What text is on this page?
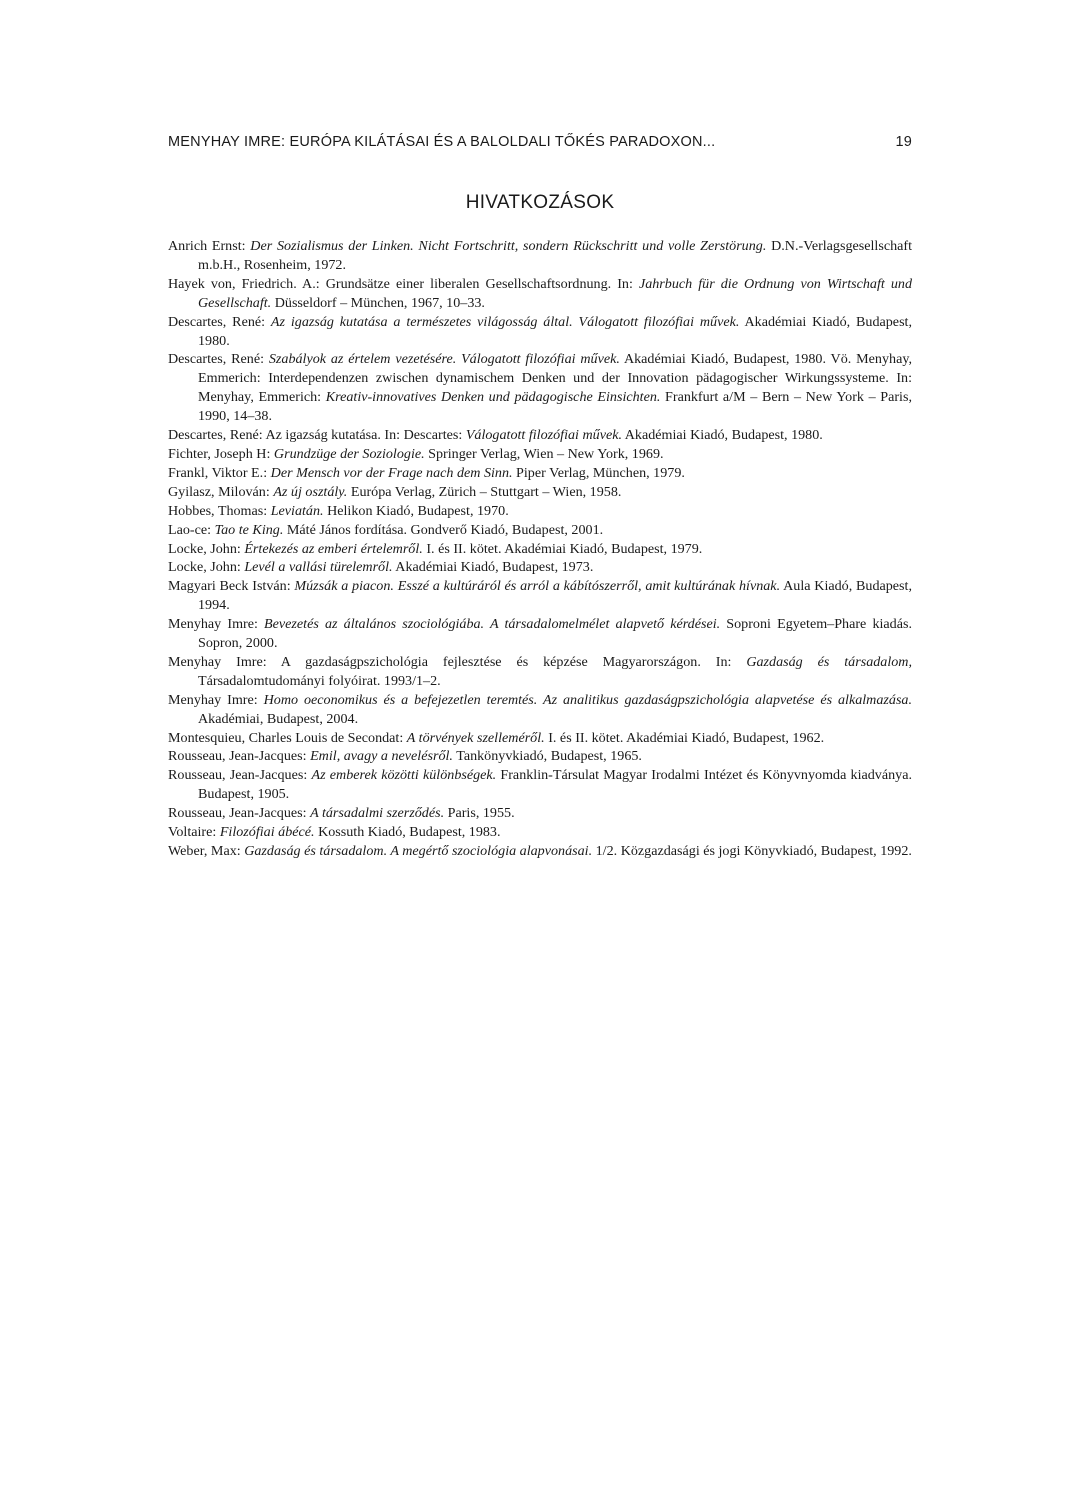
MENYHAY IMRE: EURÓPA KILÁTÁSAI ÉS A BALOLDALI TŐKÉS PARADOXON...	19
HIVATKOZÁSOK
Anrich Ernst: Der Sozialismus der Linken. Nicht Fortschritt, sondern Rückschritt und volle Zerstörung. D.N.-Verlagsgesellschaft m.b.H., Rosenheim, 1972.
Hayek von, Friedrich. A.: Grundsätze einer liberalen Gesellschaftsordnung. In: Jahrbuch für die Ordnung von Wirtschaft und Gesellschaft. Düsseldorf – München, 1967, 10–33.
Descartes, René: Az igazság kutatása a természetes világosság által. Válogatott filozófiai művek. Akadémiai Kiadó, Budapest, 1980.
Descartes, René: Szabályok az értelem vezetésére. Válogatott filozófiai művek. Akadémiai Kiadó, Budapest, 1980. Vö. Menyhay, Emmerich: Interdependenzen zwischen dynamischem Denken und der Innovation pädagogischer Wirkungssysteme. In: Menyhay, Emmerich: Kreativ-innovatives Denken und pädagogische Einsichten. Frankfurt a/M – Bern – New York – Paris, 1990, 14–38.
Descartes, René: Az igazság kutatása. In: Descartes: Válogatott filozófiai művek. Akadémiai Kiadó, Budapest, 1980.
Fichter, Joseph H: Grundzüge der Soziologie. Springer Verlag, Wien – New York, 1969.
Frankl, Viktor E.: Der Mensch vor der Frage nach dem Sinn. Piper Verlag, München, 1979.
Gyilasz, Milován: Az új osztály. Európa Verlag, Zürich – Stuttgart – Wien, 1958.
Hobbes, Thomas: Leviatán. Helikon Kiadó, Budapest, 1970.
Lao-ce: Tao te King. Máté János fordítása. Gondverő Kiadó, Budapest, 2001.
Locke, John: Értekezés az emberi értelemről. I. és II. kötet. Akadémiai Kiadó, Budapest, 1979.
Locke, John: Levél a vallási türelemről. Akadémiai Kiadó, Budapest, 1973.
Magyari Beck István: Múzsák a piacon. Esszé a kultúráról és arról a kábítószerről, amit kultúrának hívnak. Aula Kiadó, Budapest, 1994.
Menyhay Imre: Bevezetés az általános szociológiába. A társadalomelmélet alapvető kérdései. Soproni Egyetem–Phare kiadás. Sopron, 2000.
Menyhay Imre: A gazdaságpszichológia fejlesztése és képzése Magyarországon. In: Gazdaság és társadalom, Társadalomtudományi folyóirat. 1993/1–2.
Menyhay Imre: Homo oeconomikus és a befejezetlen teremtés. Az analitikus gazdaságpszichológia alapvetése és alkalmazása. Akadémiai, Budapest, 2004.
Montesquieu, Charles Louis de Secondat: A törvények szelleméről. I. és II. kötet. Akadémiai Kiadó, Budapest, 1962.
Rousseau, Jean-Jacques: Emil, avagy a nevelésről. Tankönyvkiadó, Budapest, 1965.
Rousseau, Jean-Jacques: Az emberek közötti különbségek. Franklin-Társulat Magyar Irodalmi Intézet és Könyvnyomda kiadványa. Budapest, 1905.
Rousseau, Jean-Jacques: A társadalmi szerződés. Paris, 1955.
Voltaire: Filozófiai ábécé. Kossuth Kiadó, Budapest, 1983.
Weber, Max: Gazdaság és társadalom. A megértő szociológia alapvonásai. 1/2. Közgazdasági és jogi Könyvkiadó, Budapest, 1992.
